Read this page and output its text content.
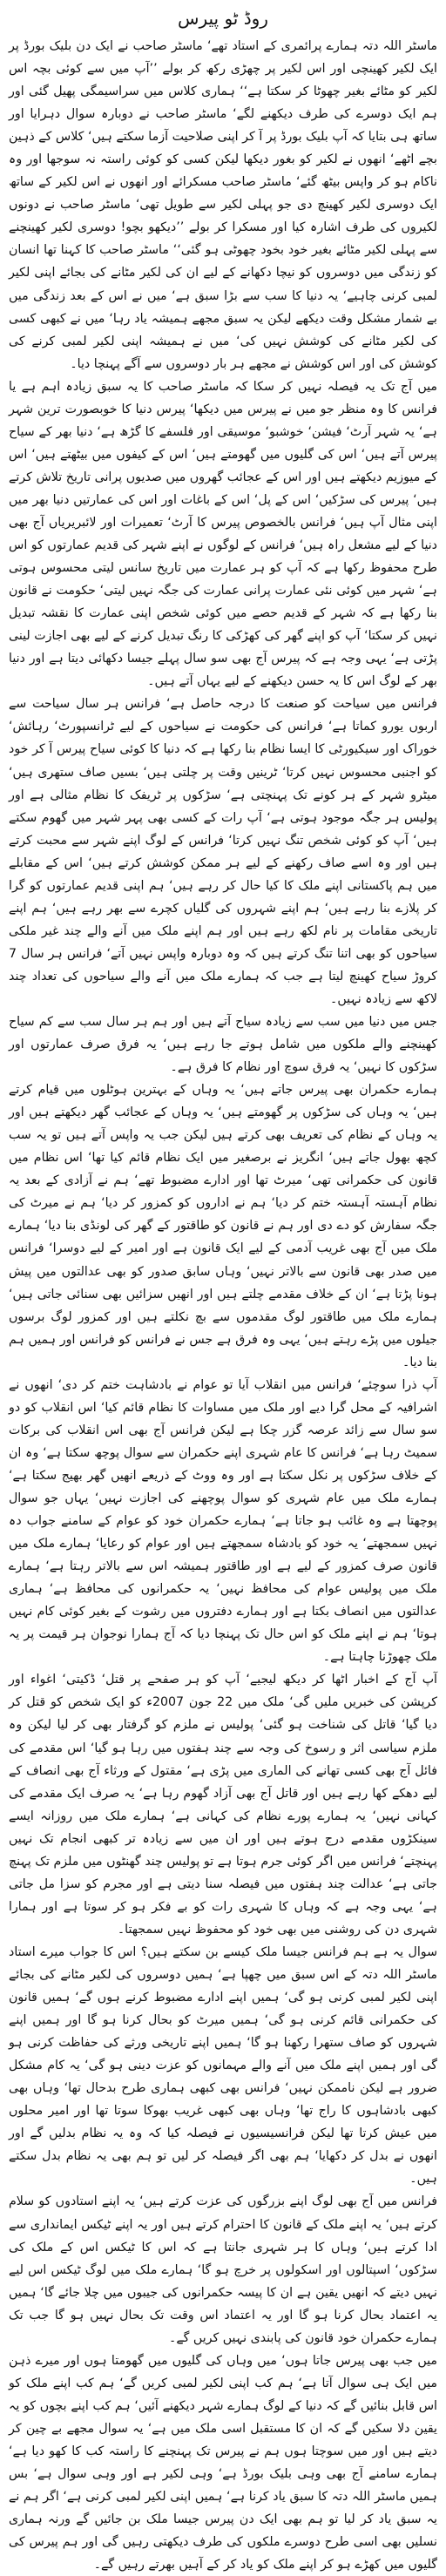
روڈ ٹو پیرس

ماسٹر اللہ دتہ ہمارے پرائمری کے استاد تھے‘ ماسٹر صاحب نے ایک دن بلیک بورڈ پر ایک لکیر کھینچی اور اس لکیر پر چھڑی رکھ کر بولے ’’آپ میں سے کوئی بچہ اس لکیر کو مٹائے بغیر چھوٹا کر سکتا ہے‘‘ ہماری کلاس میں سراسیمگی پھیل گئی اور ہم ایک دوسرے کی طرف دیکھنے لگے‘ ماسٹر صاحب نے دوبارہ سوال دہرایا اور ساتھ ہی بتایا کہ آپ بلیک بورڈ پر آ کر اپنی صلاحیت آزما سکتے ہیں‘ کلاس کے ذہین بچے اٹھے‘ انھوں نے لکیر کو بغور دیکھا لیکن کسی کو کوئی راستہ نہ سوجھا اور وہ ناکام ہو کر واپس بیٹھ گئے‘ ماسٹر صاحب مسکرائے اور انھوں نے اس لکیر کے ساتھ ایک دوسری لکیر کھینچ دی جو پہلی لکیر سے طویل تھی‘ ماسٹر صاحب نے دونوں لکیروں کی طرف اشارہ کیا اور مسکرا کر بولے ’’دیکھو بچو! دوسری لکیر کھینچنے سے پہلی لکیر مٹائے بغیر خود بخود چھوٹی ہو گئی‘‘ ماسٹر صاحب کا کہنا تھا انسان کو زندگی میں دوسروں کو نیچا دکھانے کے لیے ان کی لکیر مٹانے کی بجائے اپنی لکیر لمبی کرنی چاہیے‘ یہ دنیا کا سب سے بڑا سبق ہے‘ میں نے اس کے بعد زندگی میں بے شمار مشکل وقت دیکھے لیکن یہ سبق مجھے ہمیشہ یاد رہا‘ میں نے کبھی کسی کی لکیر مٹانے کی کوشش نہیں کی‘ میں نے ہمیشہ اپنی لکیر لمبی کرنے کی کوشش کی اور اس کوشش نے مجھے ہر بار دوسروں سے آگے پہنچا دیا۔

میں آج تک یہ فیصلہ نہیں کر سکا کہ ماسٹر صاحب کا یہ سبق زیادہ اہم ہے یا فرانس کا وہ منظر جو میں نے پیرس میں دیکھا‘ پیرس دنیا کا خوبصورت ترین شہر ہے‘ یہ شہر آرٹ‘ فیشن‘ خوشبو‘ موسیقی اور فلسفے کا گڑھ ہے‘ دنیا بھر کے سیاح پیرس آتے ہیں‘ اس کی گلیوں میں گھومتے ہیں‘ اس کے کیفوں میں بیٹھتے ہیں‘ اس کے میوزیم دیکھتے ہیں اور اس کے عجائب گھروں میں صدیوں پرانی تاریخ تلاش کرتے ہیں‘ پیرس کی سڑکیں‘ اس کے پل‘ اس کے باغات اور اس کی عمارتیں دنیا بھر میں اپنی مثال آپ ہیں‘ فرانس بالخصوص پیرس کا آرٹ‘ تعمیرات اور لائبریریاں آج بھی دنیا کے لیے مشعل راہ ہیں‘ فرانس کے لوگوں نے اپنے شہر کی قدیم عمارتوں کو اس طرح محفوظ رکھا ہے کہ آپ کو ہر عمارت میں تاریخ سانس لیتی محسوس ہوتی ہے‘ شہر میں کوئی نئی عمارت پرانی عمارت کی جگہ نہیں لیتی‘ حکومت نے قانون بنا رکھا ہے کہ شہر کے قدیم حصے میں کوئی شخص اپنی عمارت کا نقشہ تبدیل نہیں کر سکتا‘ آپ کو اپنے گھر کی کھڑکی کا رنگ تبدیل کرنے کے لیے بھی اجازت لینی پڑتی ہے‘ یہی وجہ ہے کہ پیرس آج بھی سو سال پہلے جیسا دکھائی دیتا ہے اور دنیا بھر کے لوگ اس کا یہ حسن دیکھنے کے لیے یہاں آتے ہیں۔

فرانس میں سیاحت کو صنعت کا درجہ حاصل ہے‘ فرانس ہر سال سیاحت سے اربوں یورو کماتا ہے‘ فرانس کی حکومت نے سیاحوں کے لیے ٹرانسپورٹ‘ رہائش‘ خوراک اور سیکیورٹی کا ایسا نظام بنا رکھا ہے کہ دنیا کا کوئی سیاح پیرس آ کر خود کو اجنبی محسوس نہیں کرتا‘ ٹرینیں وقت پر چلتی ہیں‘ بسیں صاف ستھری ہیں‘ میٹرو شہر کے ہر کونے تک پہنچتی ہے‘ سڑکوں پر ٹریفک کا نظام مثالی ہے اور پولیس ہر جگہ موجود ہوتی ہے‘ آپ رات کے کسی بھی پہر شہر میں گھوم سکتے ہیں‘ آپ کو کوئی شخص تنگ نہیں کرتا‘ فرانس کے لوگ اپنے شہر سے محبت کرتے ہیں اور وہ اسے صاف رکھنے کے لیے ہر ممکن کوشش کرتے ہیں‘ اس کے مقابلے میں ہم پاکستانی اپنے ملک کا کیا حال کر رہے ہیں‘ ہم اپنی قدیم عمارتوں کو گرا کر پلازے بنا رہے ہیں‘ ہم اپنے شہروں کی گلیاں کچرے سے بھر رہے ہیں‘ ہم اپنے تاریخی مقامات پر نام لکھ رہے ہیں اور ہم اپنے ملک میں آنے والے چند غیر ملکی سیاحوں کو بھی اتنا تنگ کرتے ہیں کہ وہ دوبارہ واپس نہیں آتے‘ فرانس ہر سال 7 کروڑ سیاح کھینچ لیتا ہے جب کہ ہمارے ملک میں آنے والے سیاحوں کی تعداد چند لاکھ سے زیادہ نہیں۔

جس میں دنیا میں سب سے زیادہ سیاح آتے ہیں اور ہم ہر سال سب سے کم سیاح کھینچنے والے ملکوں میں شامل ہوتے جا رہے ہیں‘ یہ فرق صرف عمارتوں اور سڑکوں کا نہیں‘ یہ فرق سوچ اور نظام کا فرق ہے۔

ہمارے حکمران بھی پیرس جاتے ہیں‘ یہ وہاں کے بہترین ہوٹلوں میں قیام کرتے ہیں‘ یہ وہاں کی سڑکوں پر گھومتے ہیں‘ یہ وہاں کے عجائب گھر دیکھتے ہیں اور یہ وہاں کے نظام کی تعریف بھی کرتے ہیں لیکن جب یہ واپس آتے ہیں تو یہ سب کچھ بھول جاتے ہیں‘ انگریز نے برصغیر میں ایک نظام قائم کیا تھا‘ اس نظام میں قانون کی حکمرانی تھی‘ میرٹ تھا اور ادارے مضبوط تھے‘ ہم نے آزادی کے بعد یہ نظام آہستہ آہستہ ختم کر دیا‘ ہم نے اداروں کو کمزور کر دیا‘ ہم نے میرٹ کی جگہ سفارش کو دے دی اور ہم نے قانون کو طاقتور کے گھر کی لونڈی بنا دیا‘ ہمارے ملک میں آج بھی غریب آدمی کے لیے ایک قانون ہے اور امیر کے لیے دوسرا‘ فرانس میں صدر بھی قانون سے بالاتر نہیں‘ وہاں سابق صدور کو بھی عدالتوں میں پیش ہونا پڑتا ہے‘ ان کے خلاف مقدمے چلتے ہیں اور انھیں سزائیں بھی سنائی جاتی ہیں‘ ہمارے ملک میں طاقتور لوگ مقدموں سے بچ نکلتے ہیں اور کمزور لوگ برسوں جیلوں میں پڑے رہتے ہیں‘ یہی وہ فرق ہے جس نے فرانس کو فرانس اور ہمیں ہم بنا دیا۔

آپ ذرا سوچئے‘ فرانس میں انقلاب آیا تو عوام نے بادشاہت ختم کر دی‘ انھوں نے اشرافیہ کے محل گرا دیے اور ملک میں مساوات کا نظام قائم کیا‘ اس انقلاب کو دو سو سال سے زائد عرصہ گزر چکا ہے لیکن فرانس آج بھی اس انقلاب کی برکات سمیٹ رہا ہے‘ فرانس کا عام شہری اپنے حکمران سے سوال پوچھ سکتا ہے‘ وہ ان کے خلاف سڑکوں پر نکل سکتا ہے اور وہ ووٹ کے ذریعے انھیں گھر بھیج سکتا ہے‘ ہمارے ملک میں عام شہری کو سوال پوچھنے کی اجازت نہیں‘ یہاں جو سوال پوچھتا ہے وہ غائب ہو جاتا ہے‘ ہمارے حکمران خود کو عوام کے سامنے جواب دہ نہیں سمجھتے‘ یہ خود کو بادشاہ سمجھتے ہیں اور عوام کو رعایا‘ ہمارے ملک میں قانون صرف کمزور کے لیے ہے اور طاقتور ہمیشہ اس سے بالاتر رہتا ہے‘ ہمارے ملک میں پولیس عوام کی محافظ نہیں‘ یہ حکمرانوں کی محافظ ہے‘ ہماری عدالتوں میں انصاف بکتا ہے اور ہمارے دفتروں میں رشوت کے بغیر کوئی کام نہیں ہوتا‘ ہم نے اپنے ملک کو اس حال تک پہنچا دیا کہ آج ہمارا نوجوان ہر قیمت پر یہ ملک چھوڑنا چاہتا ہے۔

آپ آج کے اخبار اٹھا کر دیکھ لیجیے‘ آپ کو ہر صفحے پر قتل‘ ڈکیتی‘ اغواء اور کرپشن کی خبریں ملیں گی‘ ملک میں 22 جون 2007ء کو ایک شخص کو قتل کر دیا گیا‘ قاتل کی شناخت ہو گئی‘ پولیس نے ملزم کو گرفتار بھی کر لیا لیکن وہ ملزم سیاسی اثر و رسوخ کی وجہ سے چند ہفتوں میں رہا ہو گیا‘ اس مقدمے کی فائل آج بھی کسی تھانے کی الماری میں پڑی ہے‘ مقتول کے ورثاء آج بھی انصاف کے لیے دھکے کھا رہے ہیں اور قاتل آج بھی آزاد گھوم رہا ہے‘ یہ صرف ایک مقدمے کی کہانی نہیں‘ یہ ہمارے پورے نظام کی کہانی ہے‘ ہمارے ملک میں روزانہ ایسے سینکڑوں مقدمے درج ہوتے ہیں اور ان میں سے زیادہ تر کبھی انجام تک نہیں پہنچتے‘ فرانس میں اگر کوئی جرم ہوتا ہے تو پولیس چند گھنٹوں میں ملزم تک پہنچ جاتی ہے‘ عدالت چند ہفتوں میں فیصلہ سنا دیتی ہے اور مجرم کو سزا مل جاتی ہے‘ یہی وجہ ہے کہ وہاں کا شہری رات کو بے فکر ہو کر سوتا ہے اور ہمارا شہری دن کی روشنی میں بھی خود کو محفوظ نہیں سمجھتا۔

سوال یہ ہے ہم فرانس جیسا ملک کیسے بن سکتے ہیں؟ اس کا جواب میرے استاد ماسٹر اللہ دتہ کے اس سبق میں چھپا ہے‘ ہمیں دوسروں کی لکیر مٹانے کی بجائے اپنی لکیر لمبی کرنی ہو گی‘ ہمیں اپنے ادارے مضبوط کرنے ہوں گے‘ ہمیں قانون کی حکمرانی قائم کرنی ہو گی‘ ہمیں میرٹ کو بحال کرنا ہو گا اور ہمیں اپنے شہروں کو صاف ستھرا رکھنا ہو گا‘ ہمیں اپنے تاریخی ورثے کی حفاظت کرنی ہو گی اور ہمیں اپنے ملک میں آنے والے مہمانوں کو عزت دینی ہو گی‘ یہ کام مشکل ضرور ہے لیکن ناممکن نہیں‘ فرانس بھی کبھی ہماری طرح بدحال تھا‘ وہاں بھی کبھی بادشاہوں کا راج تھا‘ وہاں بھی کبھی غریب بھوکا سوتا تھا اور امیر محلوں میں عیش کرتا تھا لیکن فرانسیسیوں نے فیصلہ کیا کہ وہ یہ نظام بدلیں گے اور انھوں نے بدل کر دکھایا‘ ہم بھی اگر فیصلہ کر لیں تو ہم بھی یہ نظام بدل سکتے ہیں۔

فرانس میں آج بھی لوگ اپنے بزرگوں کی عزت کرتے ہیں‘ یہ اپنے استادوں کو سلام کرتے ہیں‘ یہ اپنے ملک کے قانون کا احترام کرتے ہیں اور یہ اپنے ٹیکس ایمانداری سے ادا کرتے ہیں‘ وہاں کا ہر شہری جانتا ہے کہ اس کا ٹیکس اس کے ملک کی سڑکوں‘ اسپتالوں اور اسکولوں پر خرچ ہو گا‘ ہمارے ملک میں لوگ ٹیکس اس لیے نہیں دیتے کہ انھیں یقین ہے ان کا پیسہ حکمرانوں کی جیبوں میں چلا جائے گا‘ ہمیں یہ اعتماد بحال کرنا ہو گا اور یہ اعتماد اس وقت تک بحال نہیں ہو گا جب تک ہمارے حکمران خود قانون کی پابندی نہیں کریں گے۔

میں جب بھی پیرس جاتا ہوں‘ میں وہاں کی گلیوں میں گھومتا ہوں اور میرے ذہن میں ایک ہی سوال آتا ہے‘ ہم کب اپنی لکیر لمبی کریں گے‘ ہم کب اپنے ملک کو اس قابل بنائیں گے کہ دنیا کے لوگ ہمارے شہر دیکھنے آئیں‘ ہم کب اپنے بچوں کو یہ یقین دلا سکیں گے کہ ان کا مستقبل اسی ملک میں ہے‘ یہ سوال مجھے بے چین کر دیتے ہیں اور میں سوچتا ہوں ہم نے پیرس تک پہنچنے کا راستہ کب کا کھو دیا ہے‘ ہمارے سامنے آج بھی وہی بلیک بورڈ ہے‘ وہی لکیر ہے اور وہی سوال ہے‘ بس ہمیں ماسٹر اللہ دتہ کا سبق یاد کرنا ہے‘ ہمیں اپنی لکیر لمبی کرنی ہے‘ اگر ہم نے یہ سبق یاد کر لیا تو ہم بھی ایک دن پیرس جیسا ملک بن جائیں گے ورنہ ہماری نسلیں بھی اسی طرح دوسرے ملکوں کی طرف دیکھتی رہیں گی اور ہم پیرس کی گلیوں میں کھڑے ہو کر اپنے ملک کو یاد کر کے آہیں بھرتے رہیں گے۔
